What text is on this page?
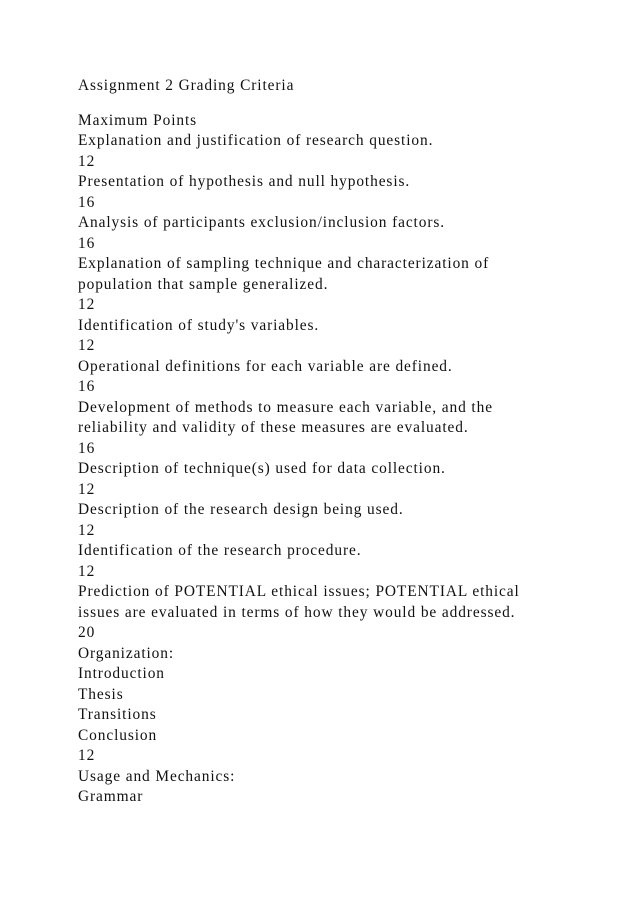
Assignment 2 Grading Criteria
Maximum Points
Explanation and justification of research question.
12
Presentation of hypothesis and null hypothesis.
16
Analysis of participants exclusion/inclusion factors.
16
Explanation of sampling technique and characterization of
population that sample generalized.
12
Identification of study's variables.
12
Operational definitions for each variable are defined.
16
Development of methods to measure each variable, and the
reliability and validity of these measures are evaluated.
16
Description of technique(s) used for data collection.
12
Description of the research design being used.
12
Identification of the research procedure.
12
Prediction of POTENTIAL ethical issues; POTENTIAL ethical
issues are evaluated in terms of how they would be addressed.
20
Organization:
Introduction
Thesis
Transitions
Conclusion
12
Usage and Mechanics:
Grammar
